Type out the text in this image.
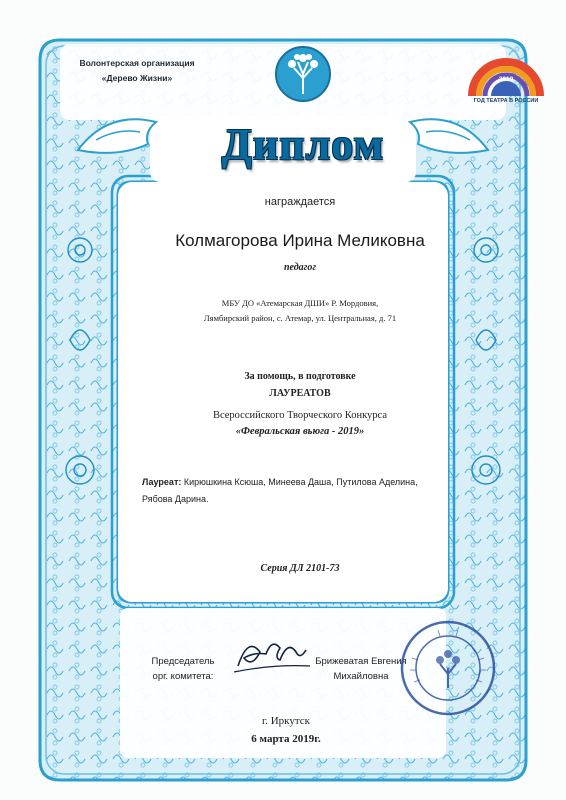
Волонтерская организация
«Дерево Жизни»	2019
ГОД ТЕАТРА В РОССИИ
Диплом
награждается
Колмагорова Ирина Меликовна
педагог
МБУ ДО «Атемарская ДШИ» Р. Мордовия,
Лямбирский район, с. Атемар, ул. Центральная, д. 71
За помощь, в подготовке
ЛАУРЕАТОВ
Всероссийского Творческого Конкурса
«Февральская вьюга - 2019»
Лауреат: Кирюшкина Ксюша, Минеева Даша, Путилова Аделина,
Рябова Дарина.
Серия ДЛ 2101-73
Председатель
орг. комитета:
Брижеватая Евгения
Михайловна
г. Иркутск
6 марта 2019г.
